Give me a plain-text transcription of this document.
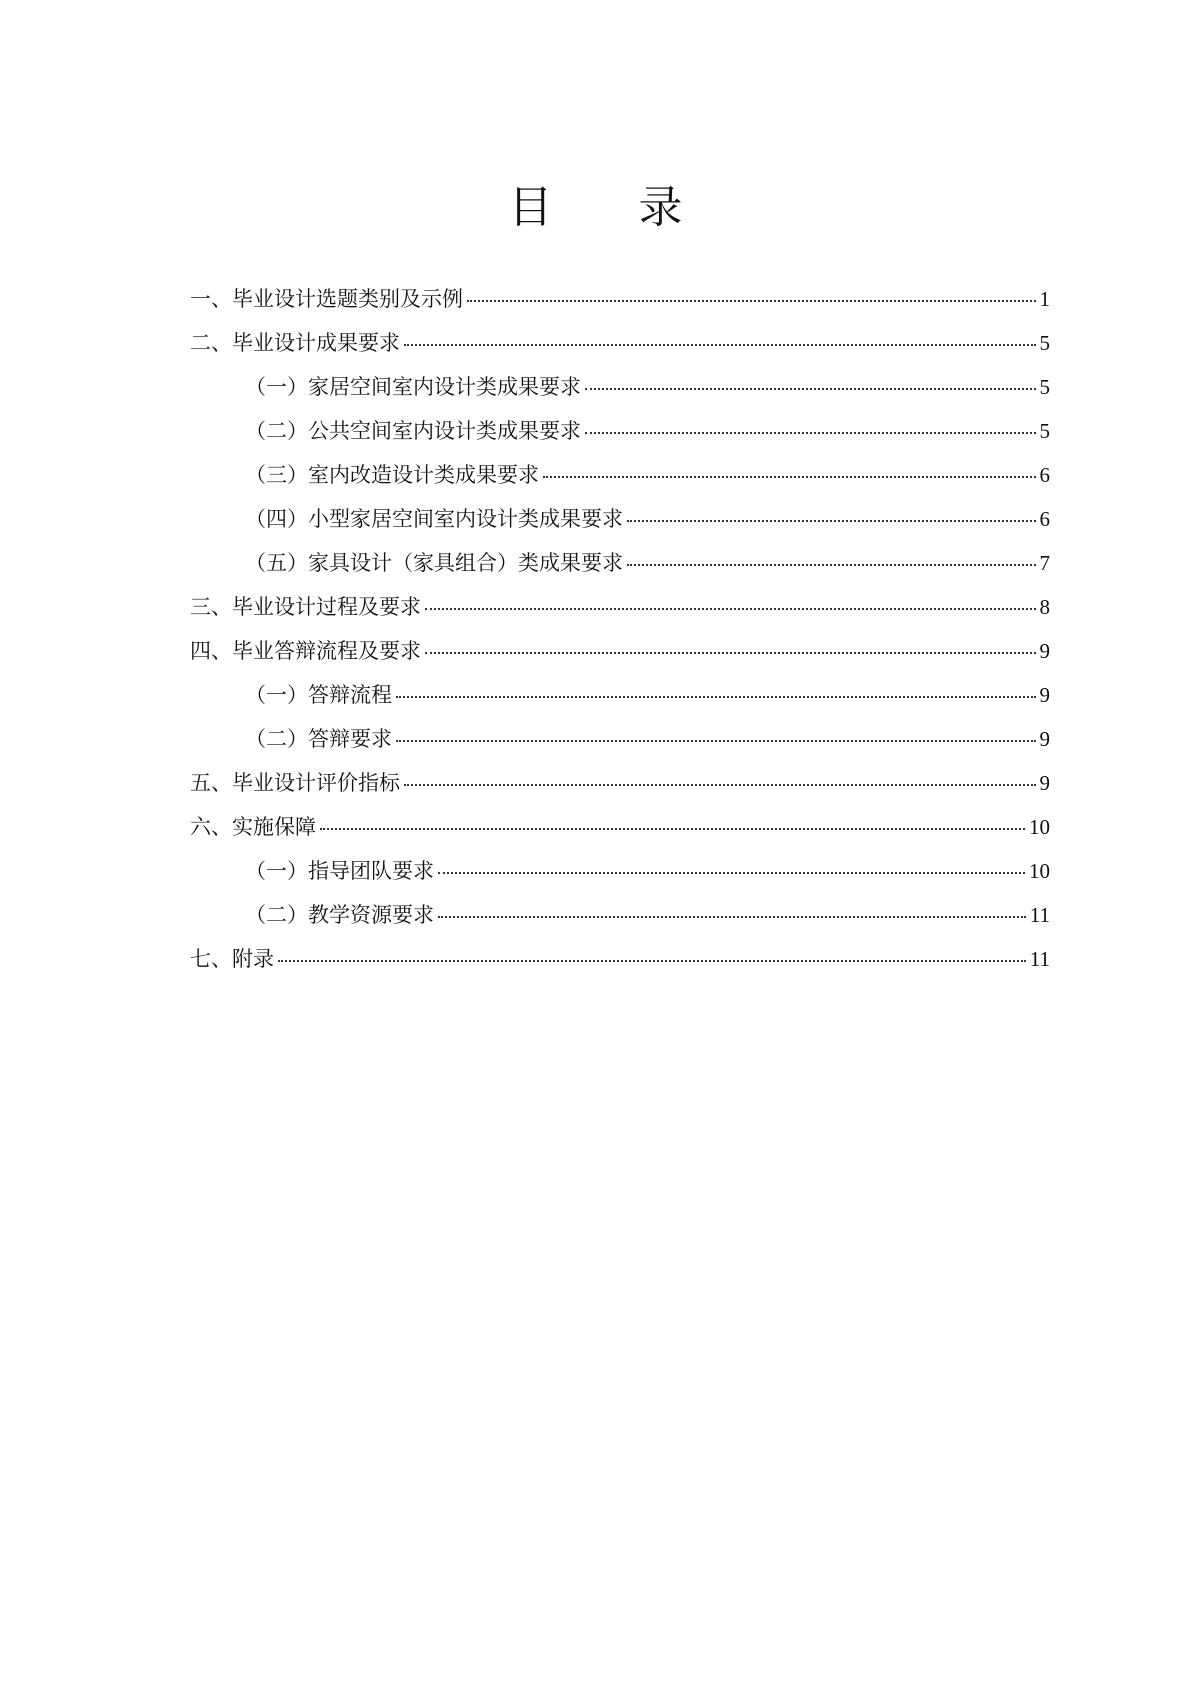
目 录
一、毕业设计选题类别及示例	1
二、毕业设计成果要求	5
（一）家居空间室内设计类成果要求	5
（二）公共空间室内设计类成果要求	5
（三）室内改造设计类成果要求	6
（四）小型家居空间室内设计类成果要求	6
（五）家具设计（家具组合）类成果要求	7
三、毕业设计过程及要求	8
四、毕业答辩流程及要求	9
（一）答辩流程	9
（二）答辩要求	9
五、毕业设计评价指标	9
六、实施保障	10
（一）指导团队要求	10
（二）教学资源要求	11
七、附录	11
